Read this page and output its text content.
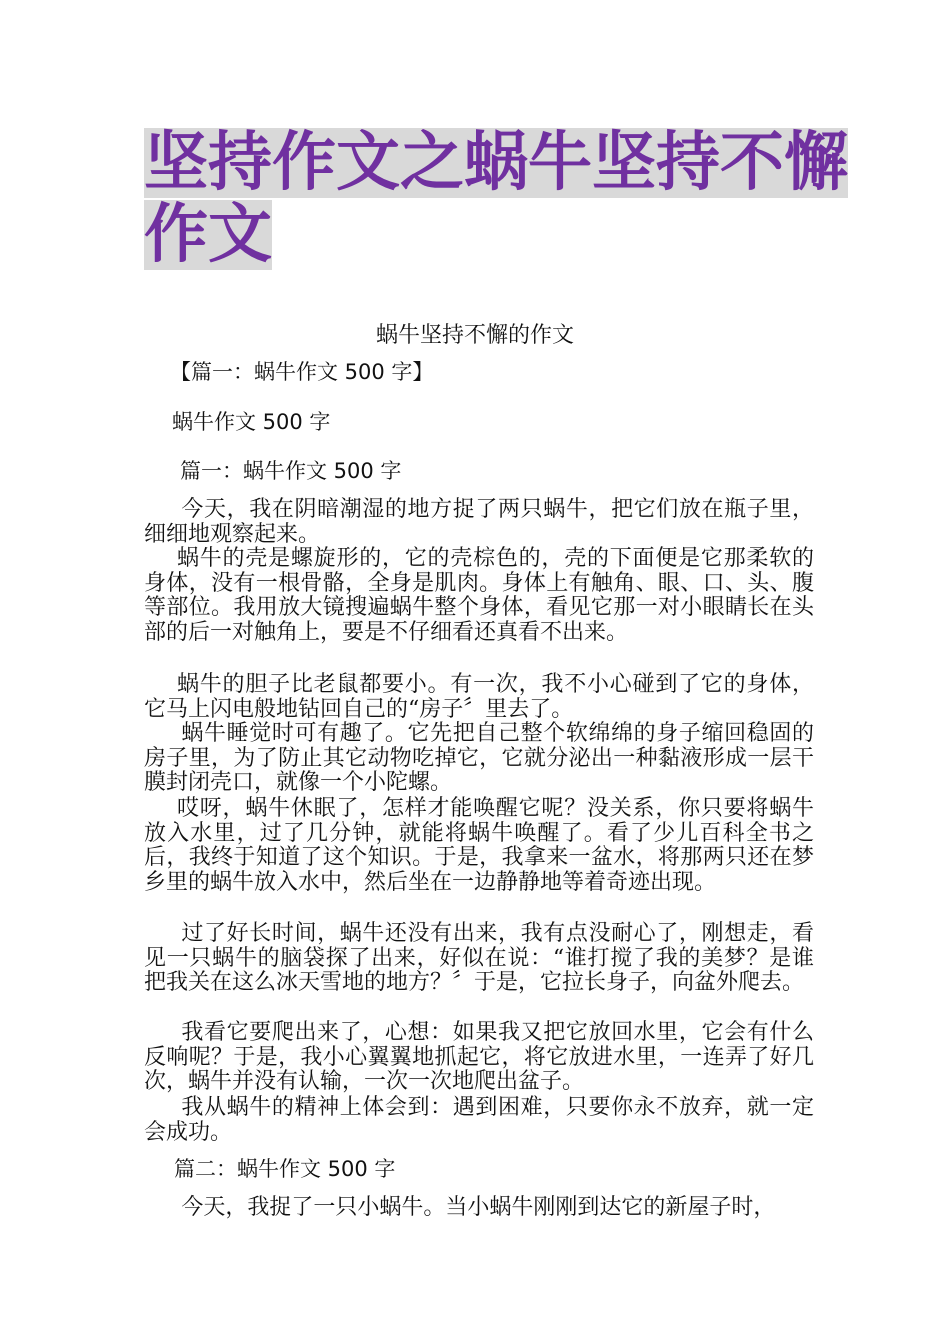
坚持作文之蜗牛坚持不懈
作文
蜗牛坚持不懈的作文
【篇一：蜗牛作文 500 字】
蜗牛作文 500 字
篇一：蜗牛作文 500 字

今天，我在阴暗潮湿的地方捉了两只蜗牛，把它们放在瓶子里，细细地观察起来。

蜗牛的壳是螺旋形的，它的壳棕色的，壳的下面便是它那柔软的身体，没有一根骨骼，全身是肌肉。身体上有触角、眼、口、头、腹等部位。我用放大镜搜遍蜗牛整个身体，看见它那一对小眼睛长在头部的后一对触角上，要是不仔细看还真看不出来。

蜗牛的胆子比老鼠都要小。有一次，我不小心碰到了它的身体，它马上闪电般地钻回自己的“房子〞里去了。

蜗牛睡觉时可有趣了。它先把自己整个软绵绵的身子缩回稳固的房子里，为了防止其它动物吃掉它，它就分泌出一种黏液形成一层干膜封闭壳口，就像一个小陀螺。

哎呀，蜗牛休眠了，怎样才能唤醒它呢？没关系，你只要将蜗牛放入水里，过了几分钟，就能将蜗牛唤醒了。看了少儿百科全书之后，我终于知道了这个知识。于是，我拿来一盆水，将那两只还在梦乡里的蜗牛放入水中，然后坐在一边静静地等着奇迹出现。

过了好长时间，蜗牛还没有出来，我有点没耐心了，刚想走，看见一只蜗牛的脑袋探了出来，好似在说：“谁打搅了我的美梦？是谁把我关在这么冰天雪地的地方？〞于是，它拉长身子，向盆外爬去。

我看它要爬出来了，心想：如果我又把它放回水里，它会有什么反响呢？于是，我小心翼翼地抓起它，将它放进水里，一连弄了好几次，蜗牛并没有认输，一次一次地爬出盆子。

我从蜗牛的精神上体会到：遇到困难，只要你永不放弃，就一定会成功。

篇二：蜗牛作文 500 字

今天，我捉了一只小蜗牛。当小蜗牛刚刚到达它的新屋子时，
